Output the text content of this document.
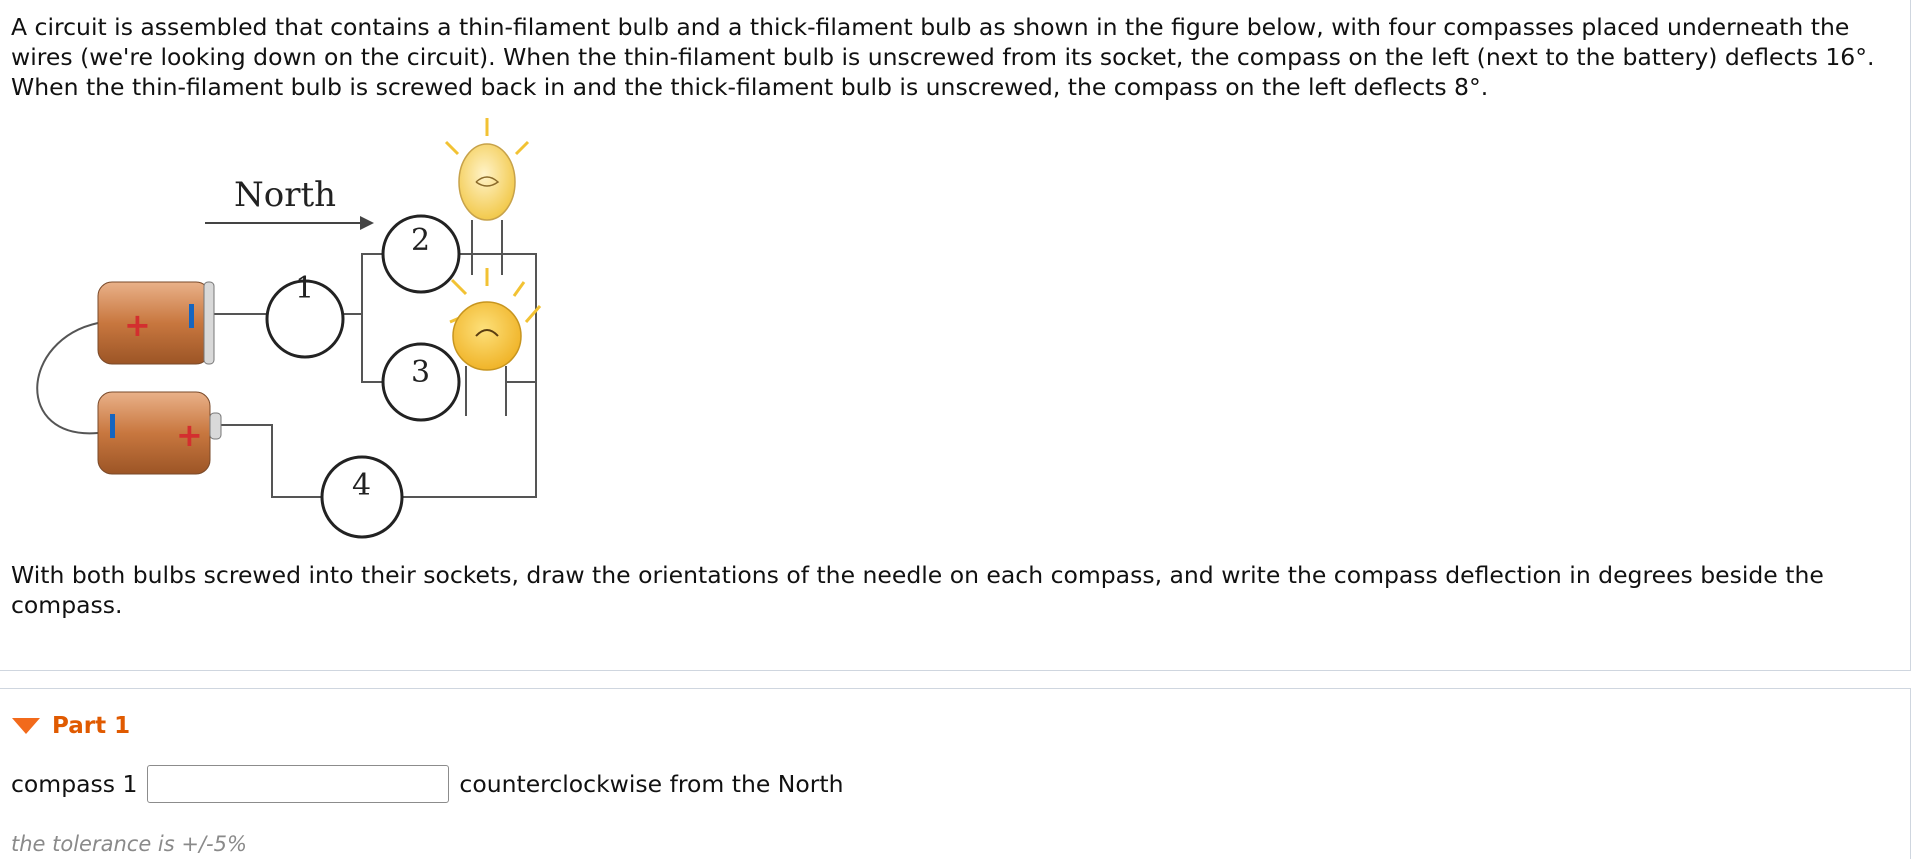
A circuit is assembled that contains a thin-filament bulb and a thick-filament bulb as shown in the figure below, with four compasses placed underneath the wires (we're looking down on the circuit). When the thin-filament bulb is unscrewed from its socket, the compass on the left (next to the battery) deflects 16°. When the thin-filament bulb is screwed back in and the thick-filament bulb is unscrewed, the compass on the left deflects 8°.

+
+
North
1
2
3
4

With both bulbs screwed into their sockets, draw the orientations of the needle on each compass, and write the compass deflection in degrees beside the compass.

Part 1
compass 1	counterclockwise from the North
the tolerance is +/-5%
